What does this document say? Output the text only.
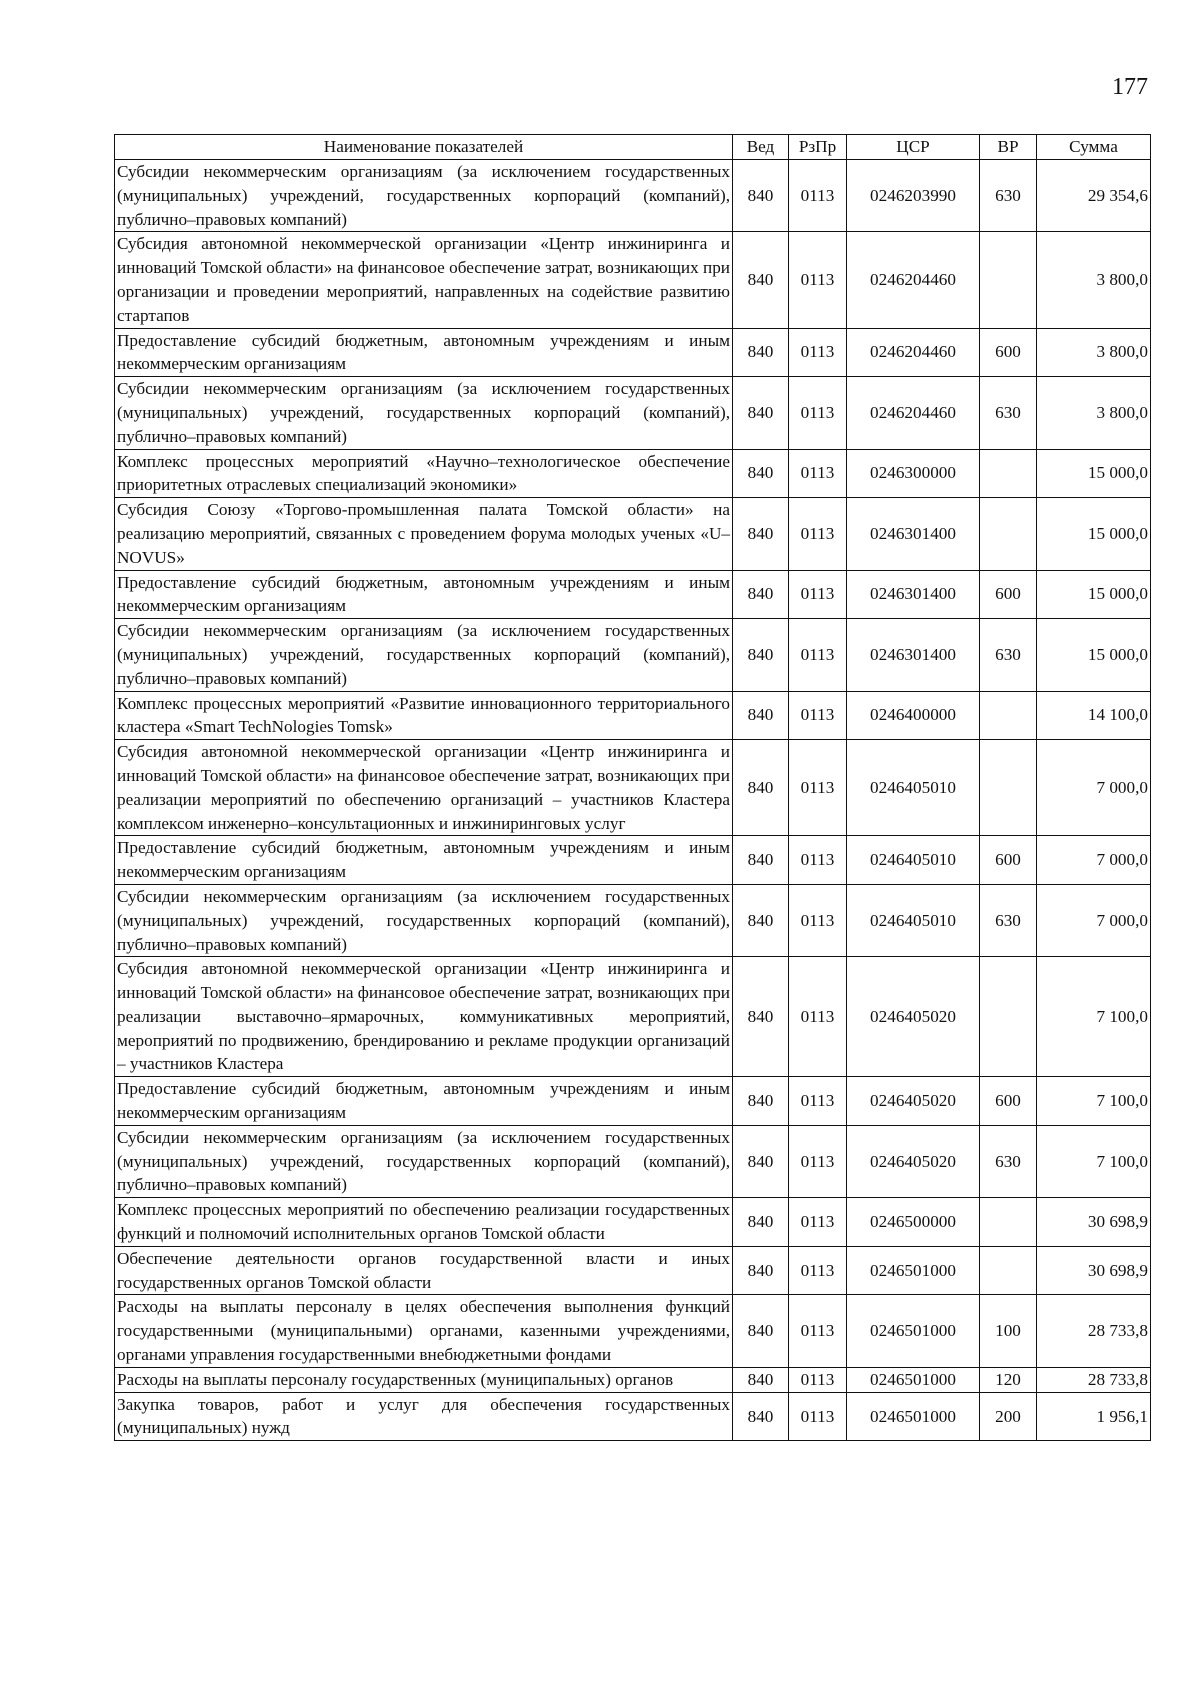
177
Наименование показателей	Вед	РзПр	ЦСР	ВР	Сумма
Субсидии некоммерческим организациям (за исключением государственных (муниципальных) учреждений, государственных корпораций (компаний), публично–правовых компаний)	840	0113	0246203990	630	29 354,6
Субсидия автономной некоммерческой организации «Центр инжиниринга и инноваций Томской области» на финансовое обеспечение затрат, возникающих при организации и проведении мероприятий, направленных на содействие развитию стартапов	840	0113	0246204460		3 800,0
Предоставление субсидий бюджетным, автономным учреждениям и иным некоммерческим организациям	840	0113	0246204460	600	3 800,0
Субсидии некоммерческим организациям (за исключением государственных (муниципальных) учреждений, государственных корпораций (компаний), публично–правовых компаний)	840	0113	0246204460	630	3 800,0
Комплекс процессных мероприятий «Научно–технологическое обеспечение приоритетных отраслевых специализаций экономики»	840	0113	0246300000		15 000,0
Субсидия Союзу «Торгово-промышленная палата Томской области» на реализацию мероприятий, связанных с проведением форума молодых ученых «U–NOVUS»	840	0113	0246301400		15 000,0
Предоставление субсидий бюджетным, автономным учреждениям и иным некоммерческим организациям	840	0113	0246301400	600	15 000,0
Субсидии некоммерческим организациям (за исключением государственных (муниципальных) учреждений, государственных корпораций (компаний), публично–правовых компаний)	840	0113	0246301400	630	15 000,0
Комплекс процессных мероприятий «Развитие инновационного территориального кластера «Smart TechNologies Tomsk»	840	0113	0246400000		14 100,0
Субсидия автономной некоммерческой организации «Центр инжиниринга и инноваций Томской области» на финансовое обеспечение затрат, возникающих при реализации мероприятий по обеспечению организаций – участников Кластера комплексом инженерно–консультационных и инжиниринговых услуг	840	0113	0246405010		7 000,0
Предоставление субсидий бюджетным, автономным учреждениям и иным некоммерческим организациям	840	0113	0246405010	600	7 000,0
Субсидии некоммерческим организациям (за исключением государственных (муниципальных) учреждений, государственных корпораций (компаний), публично–правовых компаний)	840	0113	0246405010	630	7 000,0
Субсидия автономной некоммерческой организации «Центр инжиниринга и инноваций Томской области» на финансовое обеспечение затрат, возникающих при реализации выставочно–ярмарочных, коммуникативных мероприятий, мероприятий по продвижению, брендированию и рекламе продукции организаций – участников Кластера	840	0113	0246405020		7 100,0
Предоставление субсидий бюджетным, автономным учреждениям и иным некоммерческим организациям	840	0113	0246405020	600	7 100,0
Субсидии некоммерческим организациям (за исключением государственных (муниципальных) учреждений, государственных корпораций (компаний), публично–правовых компаний)	840	0113	0246405020	630	7 100,0
Комплекс процессных мероприятий по обеспечению реализации государственных функций и полномочий исполнительных органов Томской области	840	0113	0246500000		30 698,9
Обеспечение деятельности органов государственной власти и иных государственных органов Томской области	840	0113	0246501000		30 698,9
Расходы на выплаты персоналу в целях обеспечения выполнения функций государственными (муниципальными) органами, казенными учреждениями, органами управления государственными внебюджетными фондами	840	0113	0246501000	100	28 733,8
Расходы на выплаты персоналу государственных (муниципальных) органов	840	0113	0246501000	120	28 733,8
Закупка товаров, работ и услуг для обеспечения государственных (муниципальных) нужд	840	0113	0246501000	200	1 956,1
